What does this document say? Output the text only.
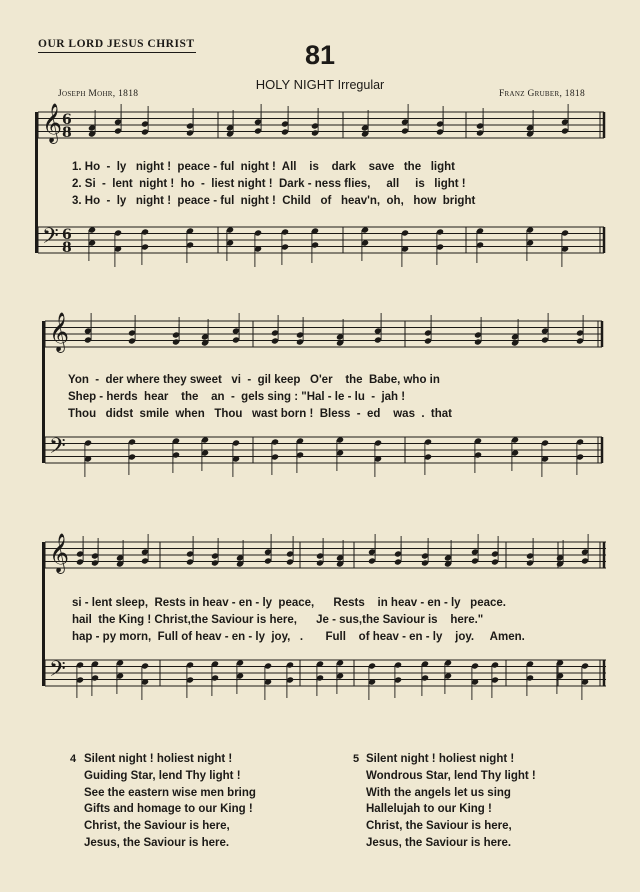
OUR LORD JESUS CHRIST	81
HOLY NIGHT Irregular
Joseph Mohr, 1818	Franz Gruber, 1818
𝄞
𝄢
6
8
6
8
𝄞
𝄢
𝄞
𝄢
1. Ho  -  ly   night !  peace - ful  night !  All    is    dark    save   the   light
2. Si  -  lent  night !  ho  -  liest night !  Dark - ness flies,     all     is   light !
3. Ho  -  ly   night !  peace - ful  night !  Child   of   heav'n,  oh,   how  bright
Yon  -  der where they sweet   vi  -  gil keep   O'er    the  Babe, who in
Shep - herds  hear    the    an  -  gels sing : "Hal - le - lu  -  jah !
Thou   didst  smile  when   Thou   wast born !  Bless  -  ed    was  .  that
si - lent sleep,  Rests in heav - en - ly  peace,      Rests    in heav - en - ly   peace.
hail  the King ! Christ,the Saviour is here,      Je - sus,the Saviour is    here."
hap - py morn,  Full of heav - en - ly  joy,   .       Full    of heav - en - ly    joy.     Amen.
4 Silent night ! holiest night !
Guiding Star, lend Thy light !
See the eastern wise men bring
Gifts and homage to our King !
Christ, the Saviour is here,
Jesus, the Saviour is here.
5 Silent night ! holiest night !
Wondrous Star, lend Thy light !
With the angels let us sing
Hallelujah to our King !
Christ, the Saviour is here,
Jesus, the Saviour is here.
